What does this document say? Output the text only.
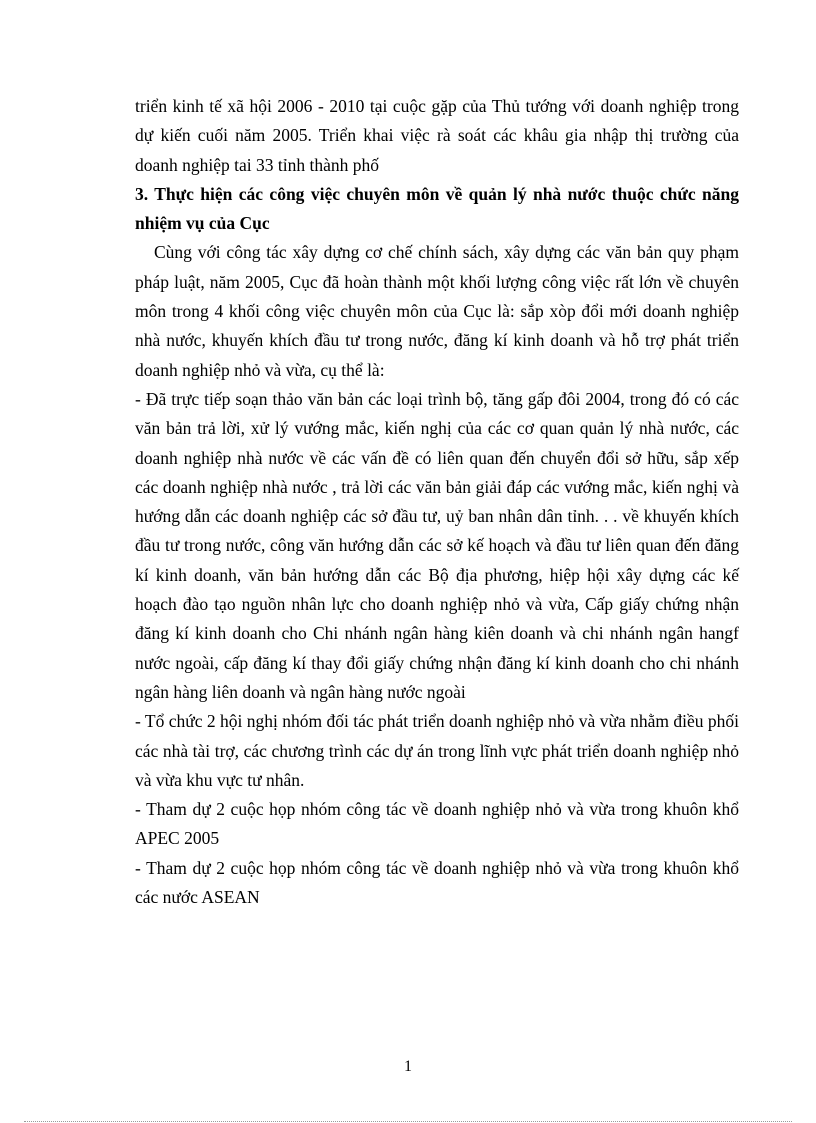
triển kinh tế xã hội 2006 - 2010 tại cuộc gặp của Thủ tướng với doanh nghiệp trong dự kiến cuối năm 2005. Triển khai việc rà soát các khâu gia nhập thị trường của doanh nghiệp tai 33 tỉnh thành phố

3. Thực hiện các công việc chuyên môn về quản lý nhà nước thuộc chức năng nhiệm vụ của Cục

Cùng với công tác xây dựng cơ chế chính sách, xây dựng các văn bản quy phạm pháp luật, năm 2005, Cục đã hoàn thành một khối lượng công việc rất lớn về chuyên môn trong 4 khối công việc chuyên môn của Cục là: sắp xòp đổi mới doanh nghiệp nhà nước, khuyến khích đầu tư trong nước, đăng kí kinh doanh và hỗ trợ phát triển doanh nghiệp nhỏ và vừa, cụ thể là:

- Đã trực tiếp soạn thảo văn bản các loại trình bộ, tăng gấp đôi 2004, trong đó có các văn bản trả lời, xử lý vướng mắc, kiến nghị của các cơ quan quản lý nhà nước, các doanh nghiệp nhà nước về các vấn đề có liên quan đến chuyển đổi sở hữu, sắp xếp các doanh nghiệp nhà nước , trả lời các văn bản giải đáp các vướng mắc, kiến nghị và hướng dẫn các doanh nghiệp các sở đầu tư, uỷ ban nhân dân tỉnh. . . về khuyến khích đầu tư trong nước, công văn hướng dẫn các sở kế hoạch và đầu tư liên quan đến đăng kí kinh doanh, văn bản hướng dẫn các Bộ địa phương, hiệp hội xây dựng các kế hoạch đào tạo nguồn nhân lực cho doanh nghiệp nhỏ và vừa, Cấp giấy chứng nhận đăng kí kinh doanh cho Chi nhánh ngân hàng kiên doanh và chi nhánh ngân hangf nước ngoài, cấp đăng kí thay đổi giấy chứng nhận đăng kí kinh doanh cho chi nhánh ngân hàng liên doanh và ngân hàng nước ngoài

- Tổ chức 2 hội nghị nhóm đối tác phát triển doanh nghiệp nhỏ và vừa nhằm điều phối các nhà tài trợ, các chương trình các dự án trong lĩnh vực phát triển doanh nghiệp nhỏ và vừa khu vực tư nhân.

- Tham dự 2 cuộc họp nhóm công tác về doanh nghiệp nhỏ và vừa trong khuôn khổ APEC 2005

- Tham dự 2 cuộc họp nhóm công tác về doanh nghiệp nhỏ và vừa trong khuôn khổ các nước ASEAN

1
